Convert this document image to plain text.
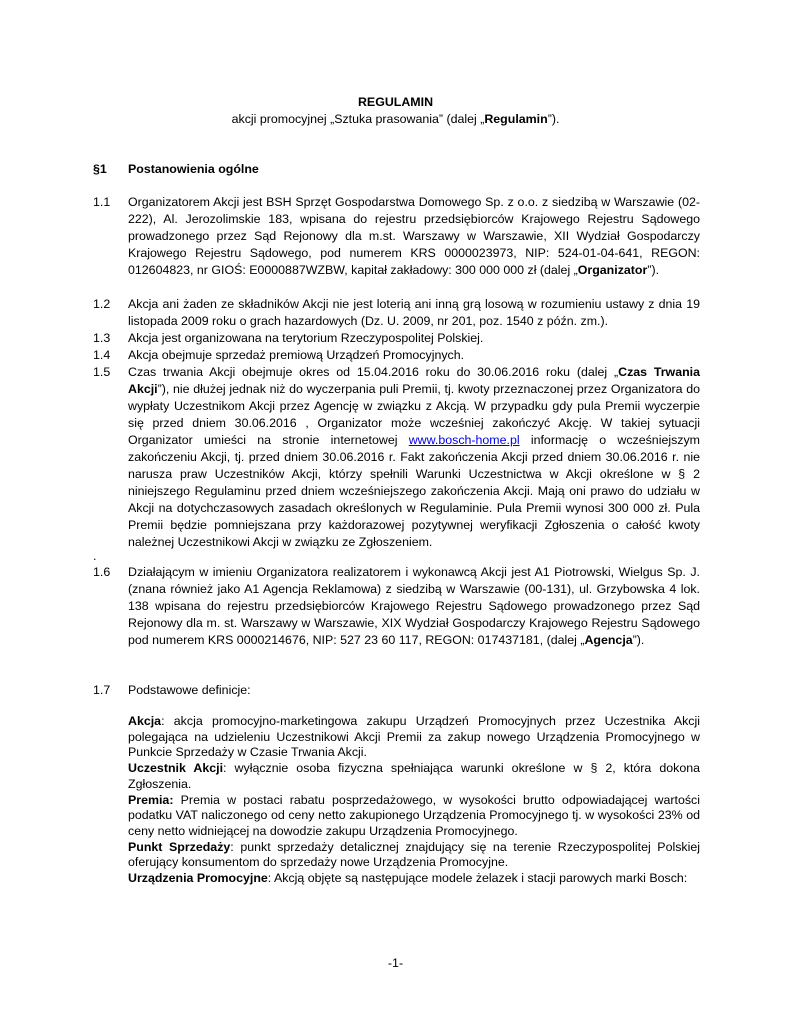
REGULAMIN
akcji promocyjnej „Sztuka prasowania” (dalej „Regulamin”).
§1 Postanowienia ogólne
1.1 Organizatorem Akcji jest BSH Sprzęt Gospodarstwa Domowego Sp. z o.o. z siedzibą w Warszawie (02-222), Al. Jerozolimskie 183, wpisana do rejestru przedsiębiorców Krajowego Rejestru Sądowego prowadzonego przez Sąd Rejonowy dla m.st. Warszawy w Warszawie, XII Wydział Gospodarczy Krajowego Rejestru Sądowego, pod numerem KRS 0000023973, NIP: 524-01-04-641, REGON: 012604823, nr GIOŚ: E0000887WZBW, kapitał zakładowy: 300 000 000 zł (dalej „Organizator”).
1.2 Akcja ani żaden ze składników Akcji nie jest loterią ani inną grą losową w rozumieniu ustawy z dnia 19 listopada 2009 roku o grach hazardowych (Dz. U. 2009, nr 201, poz. 1540 z późn. zm.).
1.3 Akcja jest organizowana na terytorium Rzeczypospolitej Polskiej.
1.4 Akcja obejmuje sprzedaż premiową Urządzeń Promocyjnych.
1.5 Czas trwania Akcji obejmuje okres od 15.04.2016 roku do 30.06.2016 roku (dalej „Czas Trwania Akcji”), nie dłużej jednak niż do wyczerpania puli Premii, tj. kwoty przeznaczonej przez Organizatora do wypłaty Uczestnikom Akcji przez Agencję w związku z Akcją. W przypadku gdy pula Premii wyczerpie się przed dniem 30.06.2016 , Organizator może wcześniej zakończyć Akcję. W takiej sytuacji Organizator umieści na stronie internetowej www.bosch-home.pl informację o wcześniejszym zakończeniu Akcji, tj. przed dniem 30.06.2016 r. Fakt zakończenia Akcji przed dniem 30.06.2016 r. nie narusza praw Uczestników Akcji, którzy spełnili Warunki Uczestnictwa w Akcji określone w § 2 niniejszego Regulaminu przed dniem wcześniejszego zakończenia Akcji. Mają oni prawo do udziału w Akcji na dotychczasowych zasadach określonych w Regulaminie. Pula Premii wynosi 300 000 zł. Pula Premii będzie pomniejszana przy każdorazowej pozytywnej weryfikacji Zgłoszenia o całość kwoty należnej Uczestnikowi Akcji w związku ze Zgłoszeniem.
.
1.6 Działającym w imieniu Organizatora realizatorem i wykonawcą Akcji jest A1 Piotrowski, Wielgus Sp. J. (znana również jako A1 Agencja Reklamowa) z siedzibą w Warszawie (00-131), ul. Grzybowska 4 lok. 138 wpisana do rejestru przedsiębiorców Krajowego Rejestru Sądowego prowadzonego przez Sąd Rejonowy dla m. st. Warszawy w Warszawie, XIX Wydział Gospodarczy Krajowego Rejestru Sądowego pod numerem KRS 0000214676, NIP: 527 23 60 117, REGON: 017437181, (dalej „Agencja”).
1.7 Podstawowe definicje:

Akcja: akcja promocyjno-marketingowa zakupu Urządzeń Promocyjnych przez Uczestnika Akcji polegająca na udzieleniu Uczestnikowi Akcji Premii za zakup nowego Urządzenia Promocyjnego w Punkcie Sprzedaży w Czasie Trwania Akcji.

Uczestnik Akcji: wyłącznie osoba fizyczna spełniająca warunki określone w § 2, która dokona Zgłoszenia.

Premia: Premia w postaci rabatu posprzedażowego, w wysokości brutto odpowiadającej wartości podatku VAT naliczonego od ceny netto zakupionego Urządzenia Promocyjnego tj. w wysokości 23% od ceny netto widniejącej na dowodzie zakupu Urządzenia Promocyjnego.

Punkt Sprzedaży: punkt sprzedaży detalicznej znajdujący się na terenie Rzeczypospolitej Polskiej oferujący konsumentom do sprzedaży nowe Urządzenia Promocyjne.

Urządzenia Promocyjne: Akcją objęte są następujące modele żelazek i stacji parowych marki Bosch:

-1-
